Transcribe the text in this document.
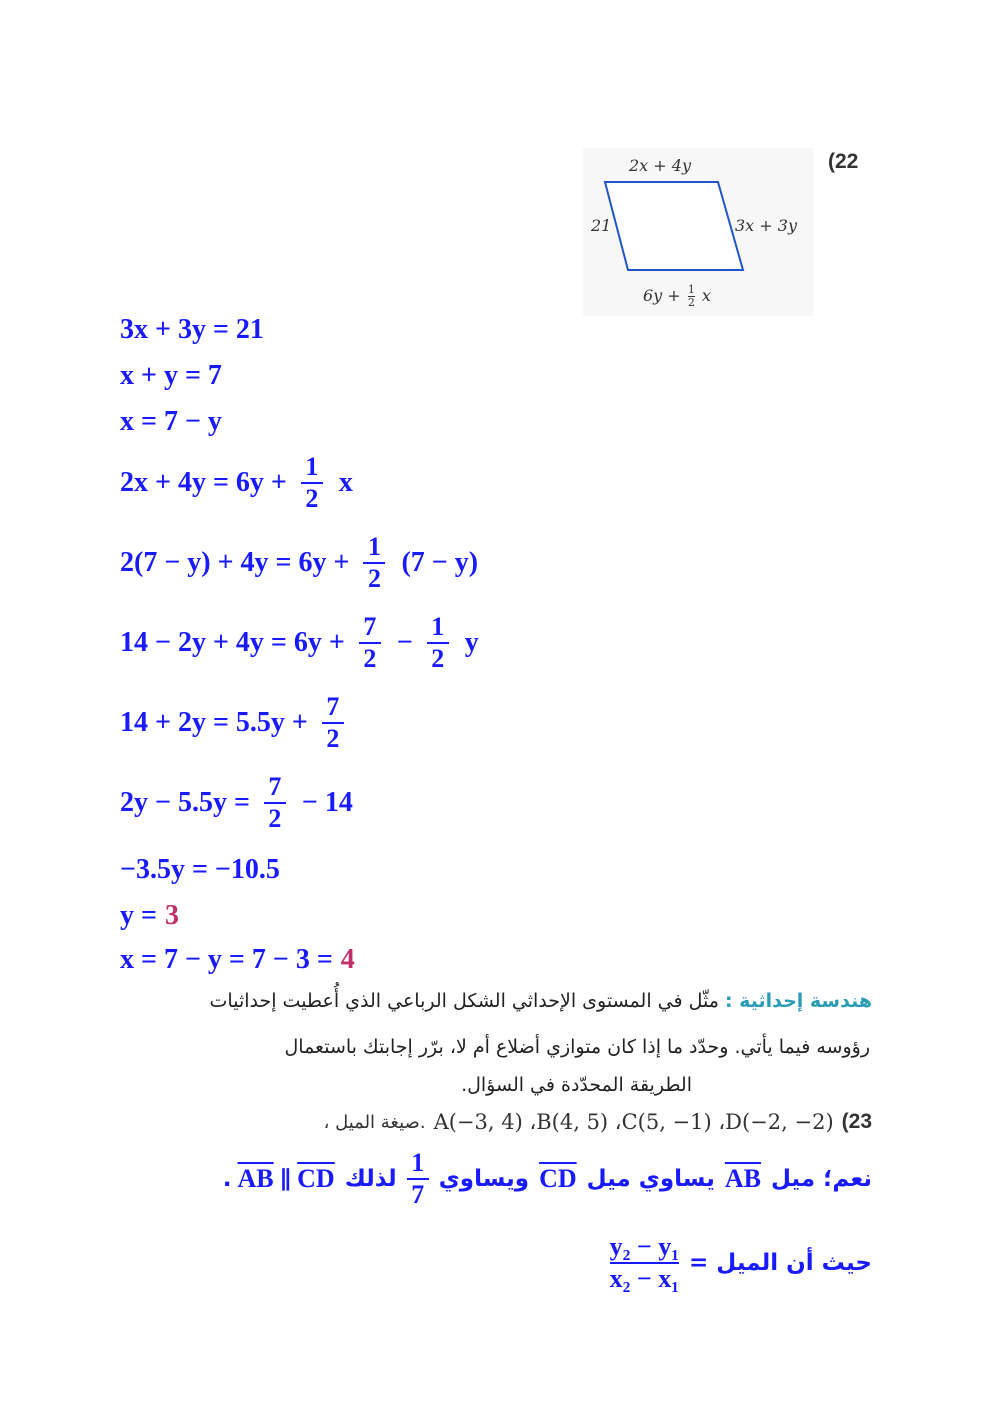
2x + 4y
21	3x + 3y
$6y + \frac{1}{2}$ x
(22
3x + 3y = 21
x + y = 7
x = 7 − y
$2x + 4y = 6y + \frac{1}{2}$ x
$2(7 - y) + 4y = 6y + \frac{1}{2} (7 - y)$
$14 - 2y + 4y = 6y + \frac{7}{2} - \frac{1}{2}$ y
$14 + 2y = 5.5y + \frac{7}{2}$
$2y - 5.5y = \frac{7}{2} - 14$
−3.5y = −10.5
y = 3
x = 7 − y = 7 − 3 = 4
هندسة إحداثية : مثّل في المستوى الإحداثي الشكل الرباعي الذي أُعطيت إحداثيات
رؤوسه فيما يأتي. وحدّد ما إذا كان متوازي أضلاع أم لا، برّر إجابتك باستعمال
الطريقة المحدّدة في السؤال.
، صيغة الميل. A(−3, 4) ،B(4, 5) ،C(5, −1) ،D(−2, −2) (23
نعم؛ ميل
$\overline{AB}$
يساوي ميل
$\overline{CD}$
ويساوي
1
7
لذلك
. $\overline{AB}$ ∥ $\overline{CD}$
حيث أن الميل =
y₂ − y₁
x₂ − x₁
